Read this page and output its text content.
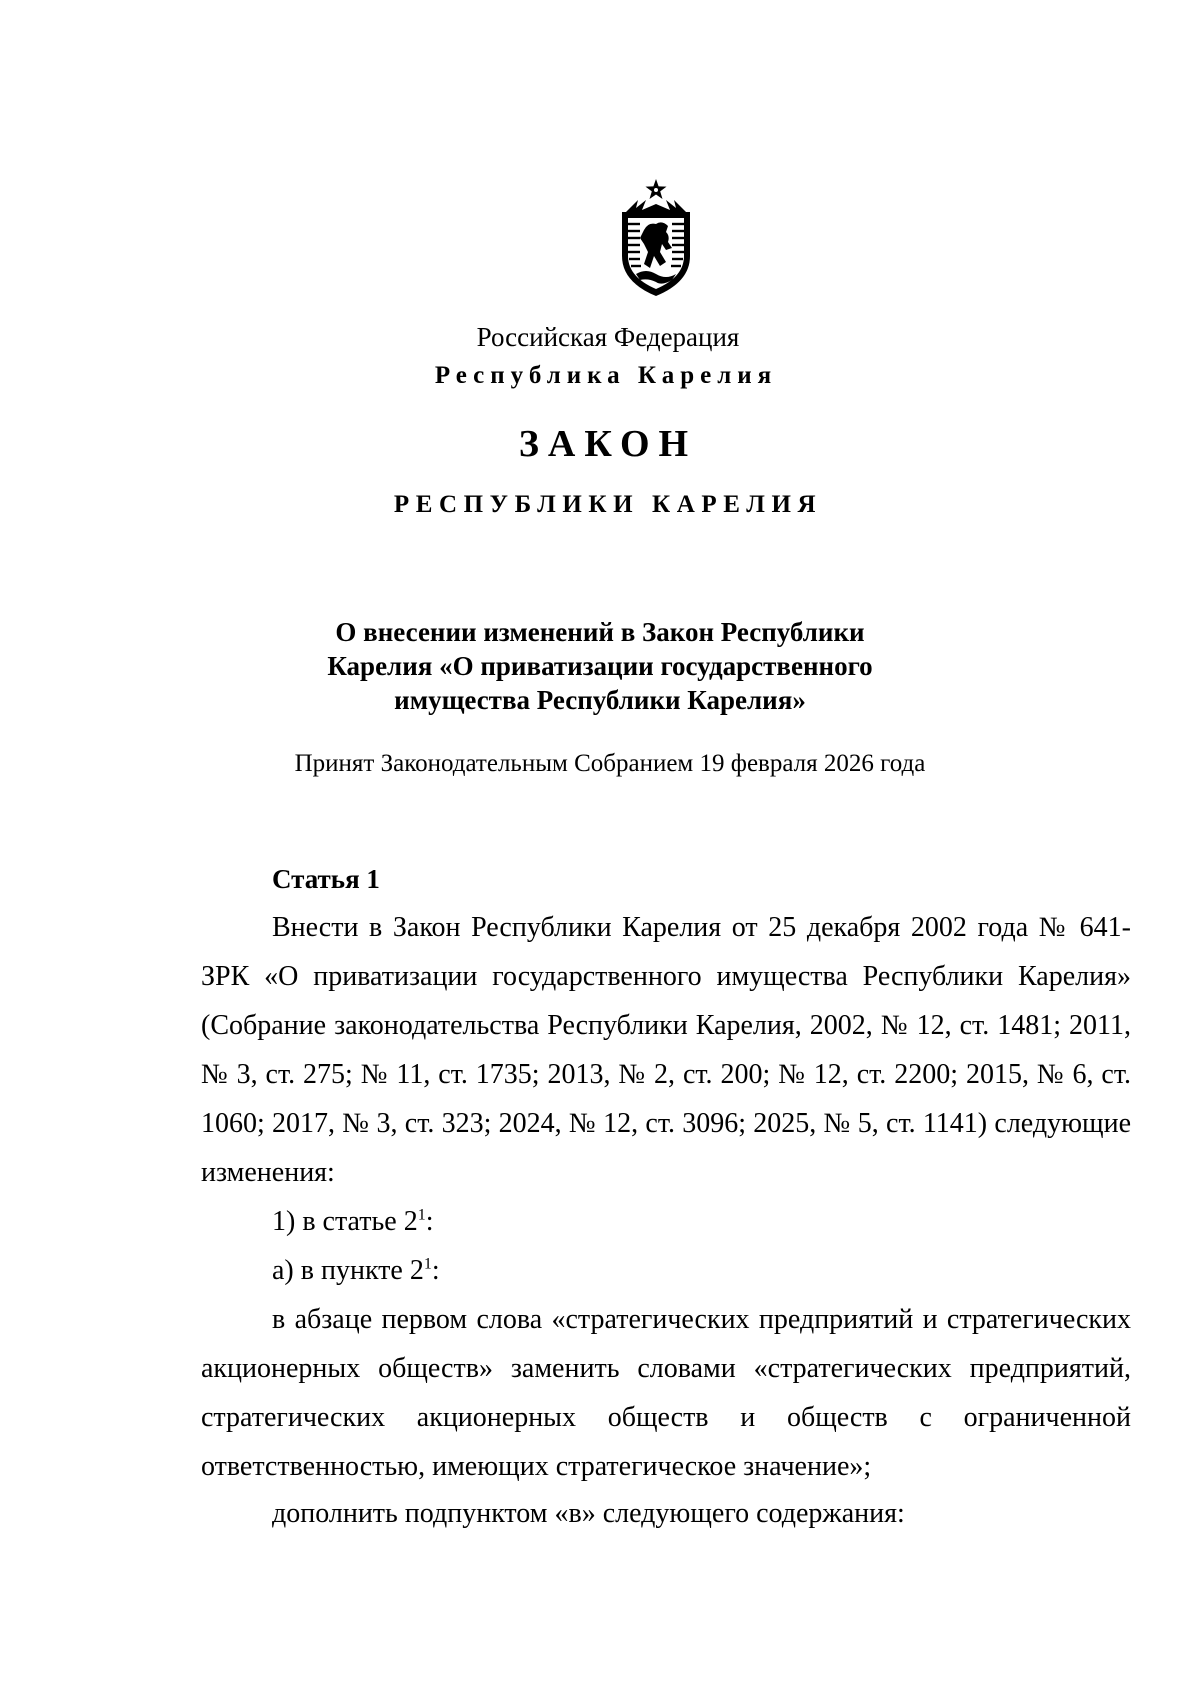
Российская Федерация
Республика Карелия
ЗАКОН
РЕСПУБЛИКИ КАРЕЛИЯ
О внесении изменений в Закон Республики
Карелия «О приватизации государственного
имущества Республики Карелия»
Принят Законодательным Собранием 19 февраля 2026 года
Статья 1

Внести в Закон Республики Карелия от 25 декабря 2002 года № 641-ЗРК «О приватизации государственного имущества Республики Карелия» (Собрание законодательства Республики Карелия, 2002, № 12, ст. 1481; 2011, № 3, ст. 275; № 11, ст. 1735; 2013, № 2, ст. 200; № 12, ст. 2200; 2015, № 6, ст. 1060; 2017, № 3, ст. 323; 2024, № 12, ст. 3096; 2025, № 5, ст. 1141) следующие изменения:

1) в статье $2^1$:

а) в пункте $2^1$:

в абзаце первом слова «стратегических предприятий и стратегических акционерных обществ» заменить словами «стратегических предприятий, стратегических акционерных обществ и обществ с ограниченной ответственностью, имеющих стратегическое значение»;

дополнить подпунктом «в» следующего содержания:
